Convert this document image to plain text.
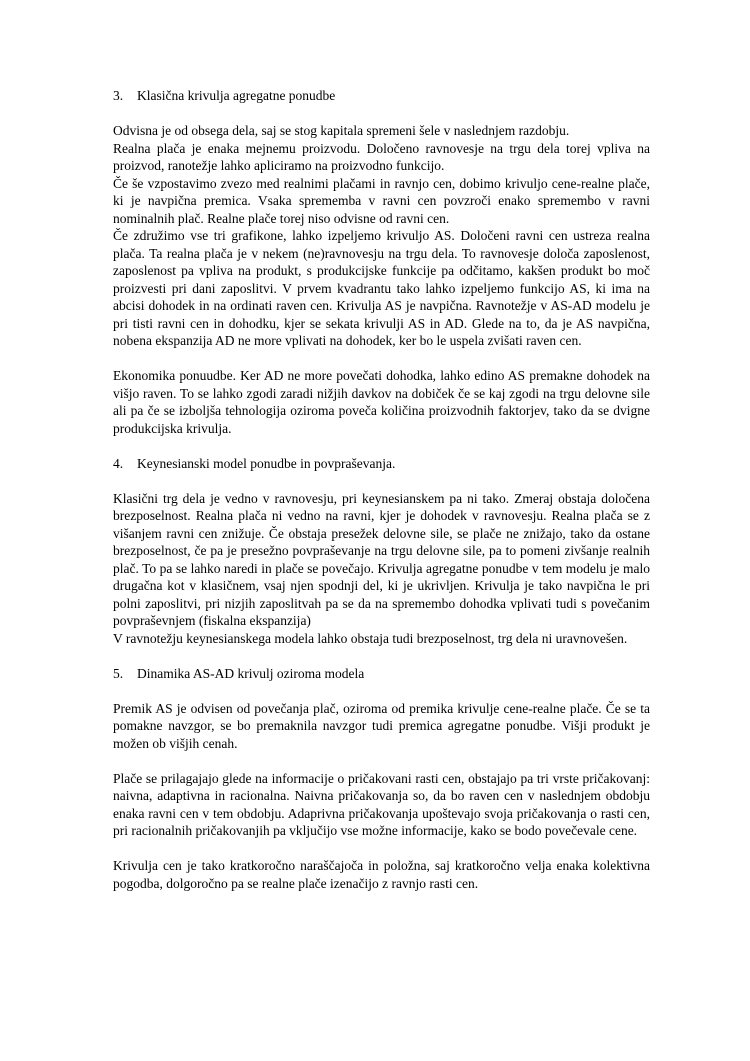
3.	Klasična krivulja agregatne ponudbe

Odvisna je od obsega dela, saj se stog kapitala spremeni šele v naslednjem razdobju.

Realna plača je enaka mejnemu proizvodu. Določeno ravnovesje na trgu dela torej vpliva na proizvod, ranotežje lahko apliciramo na proizvodno funkcijo.

Če še vzpostavimo zvezo med realnimi plačami in ravnjo cen, dobimo krivuljo cene-realne plače, ki je navpična premica. Vsaka sprememba v ravni cen povzroči enako spremembo v ravni nominalnih plač. Realne plače torej niso odvisne od ravni cen.

Če združimo vse tri grafikone, lahko izpeljemo krivuljo AS. Določeni ravni cen ustreza realna plača. Ta realna plača je v nekem (ne)ravnovesju na trgu dela. To ravnovesje določa zaposlenost, zaposlenost pa vpliva na produkt, s produkcijske funkcije pa odčitamo, kakšen produkt bo moč proizvesti pri dani zaposlitvi. V prvem kvadrantu tako lahko izpeljemo funkcijo AS, ki ima na abcisi dohodek in na ordinati raven cen. Krivulja AS je navpična. Ravnotežje v AS-AD modelu je pri tisti ravni cen in dohodku, kjer se sekata krivulji AS in AD. Glede na to, da je AS navpična, nobena ekspanzija AD ne more vplivati na dohodek, ker bo le uspela zvišati raven cen.

Ekonomika ponuudbe. Ker AD ne more povečati dohodka, lahko edino AS premakne dohodek na višjo raven. To se lahko zgodi zaradi nižjih davkov na dobiček če se kaj zgodi na trgu delovne sile ali pa če se izboljša tehnologija oziroma poveča količina proizvodnih faktorjev, tako da se dvigne produkcijska krivulja.

4.	Keynesianski model ponudbe in povpraševanja.

Klasični trg dela je vedno v ravnovesju, pri keynesianskem pa ni tako. Zmeraj obstaja določena brezposelnost. Realna plača ni vedno na ravni, kjer je dohodek v ravnovesju. Realna plača se z višanjem ravni cen znižuje. Če obstaja presežek delovne sile, se plače ne znižajo, tako da ostane brezposelnost, če pa je presežno povpraševanje na trgu delovne sile, pa to pomeni zivšanje realnih plač. To pa se lahko naredi in plače se povečajo. Krivulja agregatne ponudbe v tem modelu je malo drugačna kot v klasičnem, vsaj njen spodnji del, ki je ukrivljen. Krivulja je tako navpična le pri polni zaposlitvi, pri nizjih zaposlitvah pa se da na spremembo dohodka vplivati tudi s povečanim povpraševnjem (fiskalna ekspanzija)

V ravnotežju keynesianskega modela lahko obstaja tudi brezposelnost, trg dela ni uravnovešen.

5.	Dinamika AS-AD krivulj oziroma modela

Premik AS je odvisen od povečanja plač, oziroma od premika krivulje cene-realne plače. Če se ta pomakne navzgor, se bo premaknila navzgor tudi premica agregatne ponudbe. Višji produkt je možen ob višjih cenah.

Plače se prilagajajo glede na informacije o pričakovani rasti cen, obstajajo pa tri vrste pričakovanj: naivna, adaptivna in racionalna. Naivna pričakovanja so, da bo raven cen v naslednjem obdobju enaka ravni cen v tem obdobju. Adaprivna pričakovanja upoštevajo svoja pričakovanja o rasti cen, pri racionalnih pričakovanjih pa vključijo vse možne informacije, kako se bodo povečevale cene.

Krivulja cen je tako kratkoročno naraščajoča in položna, saj kratkoročno velja enaka kolektivna pogodba, dolgoročno pa se realne plače izenačijo z ravnjo rasti cen.
